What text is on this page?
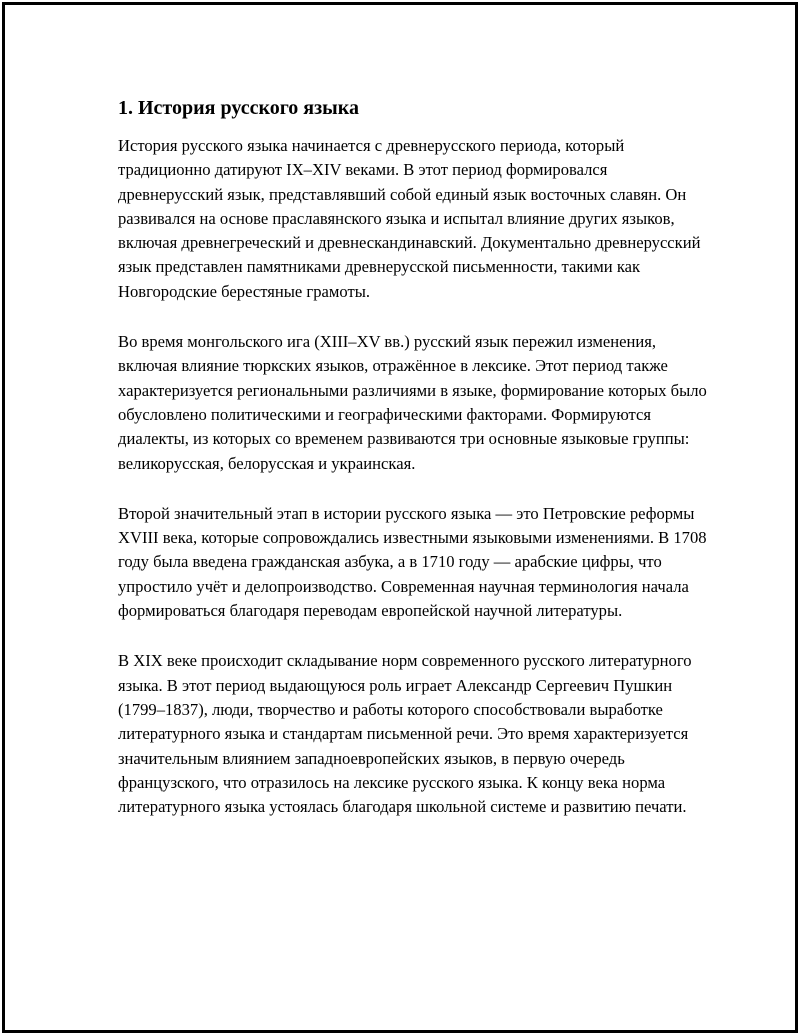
1. История русского языка

История русского языка начинается с древнерусского периода, который традиционно датируют IX–XIV веками. В этот период формировался древнерусский язык, представлявший собой единый язык восточных славян. Он развивался на основе праславянского языка и испытал влияние других языков, включая древнегреческий и древнескандинавский. Документально древнерусский язык представлен памятниками древнерусской письменности, такими как Новгородские берестяные грамоты.

Во время монгольского ига (XIII–XV вв.) русский язык пережил изменения, включая влияние тюркских языков, отражённое в лексике. Этот период также характеризуется региональными различиями в языке, формирование которых было обусловлено политическими и географическими факторами. Формируются диалекты, из которых со временем развиваются три основные языковые группы: великорусская, белорусская и украинская.

Второй значительный этап в истории русского языка — это Петровские реформы XVIII века, которые сопровождались известными языковыми изменениями. В 1708 году была введена гражданская азбука, а в 1710 году — арабские цифры, что упростило учёт и делопроизводство. Современная научная терминология начала формироваться благодаря переводам европейской научной литературы.

В XIX веке происходит складывание норм современного русского литературного языка. В этот период выдающуюся роль играет Александр Сергеевич Пушкин (1799–1837), люди, творчество и работы которого способствовали выработке литературного языка и стандартам письменной речи. Это время характеризуется значительным влиянием западноевропейских языков, в первую очередь французского, что отразилось на лексике русского языка. К концу века норма литературного языка устоялась благодаря школьной системе и развитию печати.
